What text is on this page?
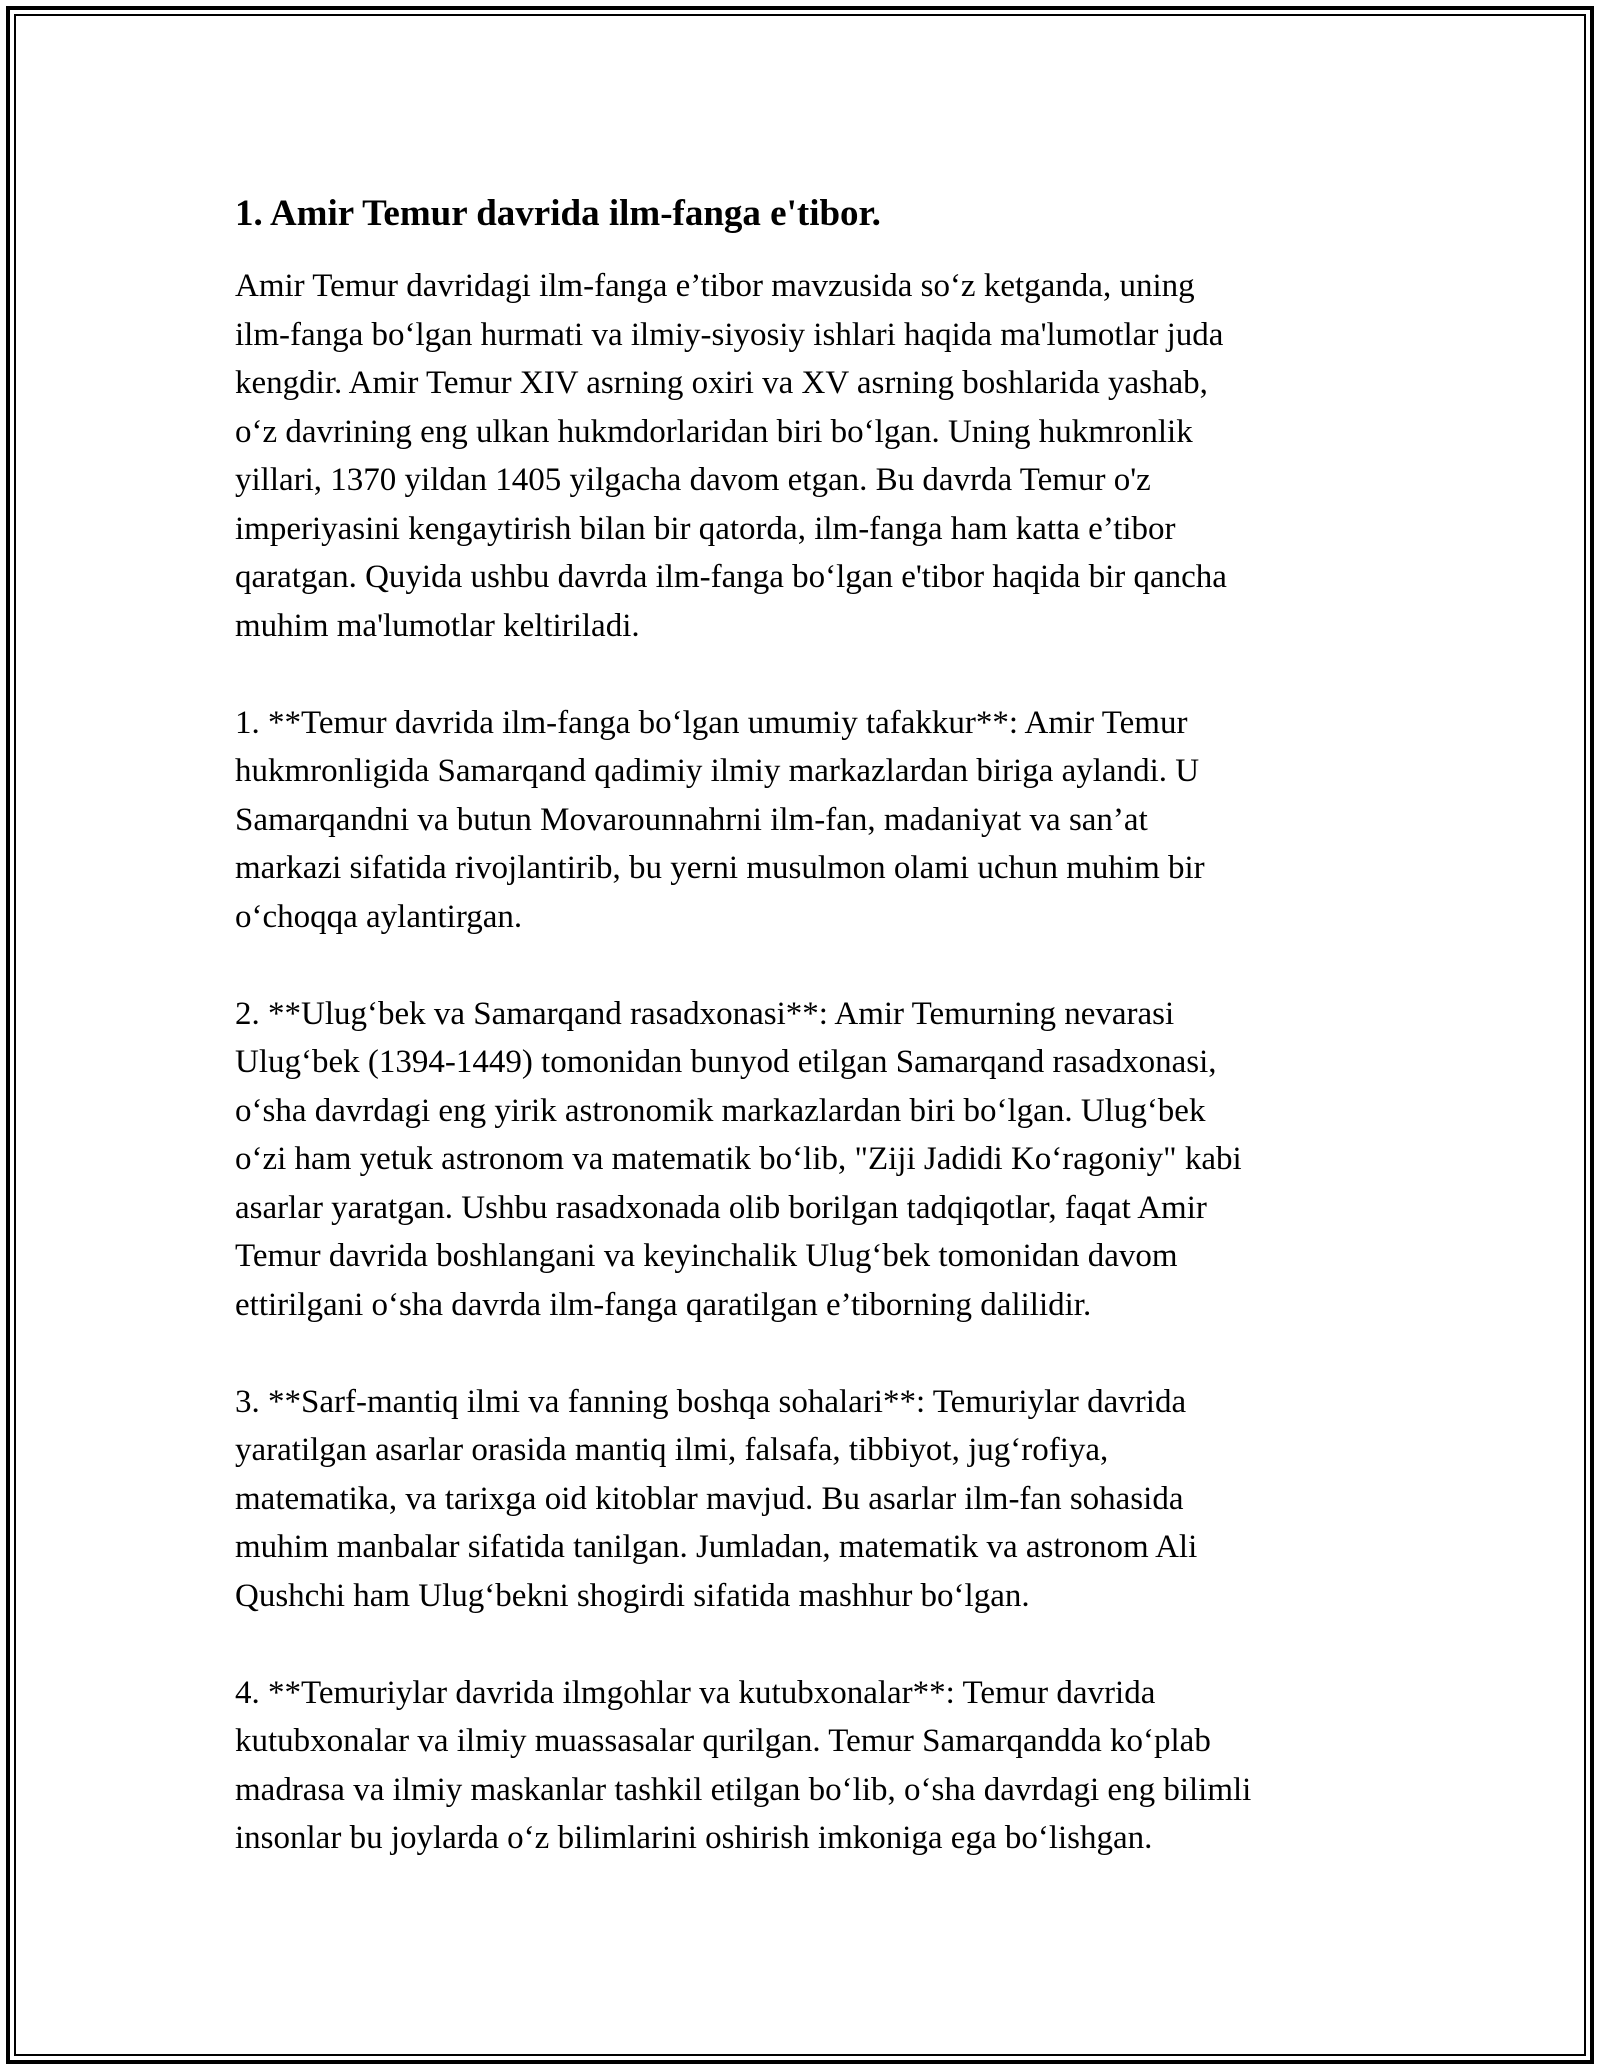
1. Amir Temur davrida ilm-fanga e'tibor.

Amir Temur davridagi ilm-fanga e’tibor mavzusida so‘z ketganda, uning
ilm-fanga bo‘lgan hurmati va ilmiy-siyosiy ishlari haqida ma'lumotlar juda
kengdir. Amir Temur XIV asrning oxiri va XV asrning boshlarida yashab,
o‘z davrining eng ulkan hukmdorlaridan biri bo‘lgan. Uning hukmronlik
yillari, 1370 yildan 1405 yilgacha davom etgan. Bu davrda Temur o'z
imperiyasini kengaytirish bilan bir qatorda, ilm-fanga ham katta e’tibor
qaratgan. Quyida ushbu davrda ilm-fanga bo‘lgan e'tibor haqida bir qancha
muhim ma'lumotlar keltiriladi.

1. **Temur davrida ilm-fanga bo‘lgan umumiy tafakkur**: Amir Temur
hukmronligida Samarqand qadimiy ilmiy markazlardan biriga aylandi. U
Samarqandni va butun Movarounnahrni ilm-fan, madaniyat va san’at
markazi sifatida rivojlantirib, bu yerni musulmon olami uchun muhim bir
o‘choqqa aylantirgan.

2. **Ulug‘bek va Samarqand rasadxonasi**: Amir Temurning nevarasi
Ulug‘bek (1394-1449) tomonidan bunyod etilgan Samarqand rasadxonasi,
o‘sha davrdagi eng yirik astronomik markazlardan biri bo‘lgan. Ulug‘bek
o‘zi ham yetuk astronom va matematik bo‘lib, "Ziji Jadidi Ko‘ragoniy" kabi
asarlar yaratgan. Ushbu rasadxonada olib borilgan tadqiqotlar, faqat Amir
Temur davrida boshlangani va keyinchalik Ulug‘bek tomonidan davom
ettirilgani o‘sha davrda ilm-fanga qaratilgan e’tiborning dalilidir.

3. **Sarf-mantiq ilmi va fanning boshqa sohalari**: Temuriylar davrida
yaratilgan asarlar orasida mantiq ilmi, falsafa, tibbiyot, jug‘rofiya,
matematika, va tarixga oid kitoblar mavjud. Bu asarlar ilm-fan sohasida
muhim manbalar sifatida tanilgan. Jumladan, matematik va astronom Ali
Qushchi ham Ulug‘bekni shogirdi sifatida mashhur bo‘lgan.

4. **Temuriylar davrida ilmgohlar va kutubxonalar**: Temur davrida
kutubxonalar va ilmiy muassasalar qurilgan. Temur Samarqandda ko‘plab
madrasa va ilmiy maskanlar tashkil etilgan bo‘lib, o‘sha davrdagi eng bilimli
insonlar bu joylarda o‘z bilimlarini oshirish imkoniga ega bo‘lishgan.
